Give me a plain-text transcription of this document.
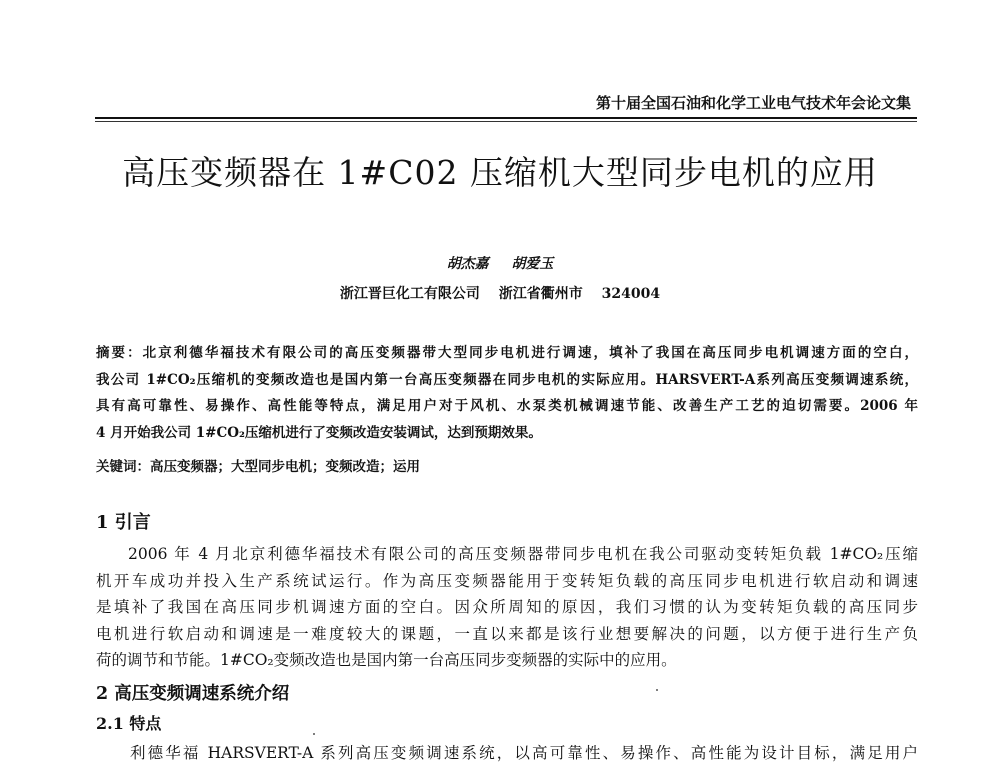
第十届全国石油和化学工业电气技术年会论文集
高压变频器在 1#C02 压缩机大型同步电机的应用
胡杰嘉 胡爱玉
浙江晋巨化工有限公司 浙江省衢州市 324004
摘要：北京利德华福技术有限公司的高压变频器带大型同步电机进行调速，填补了我国在高压同步电机调速方面的空白，
我公司 1#CO₂压缩机的变频改造也是国内第一台高压变频器在同步电机的实际应用。HARSVERT-A系列高压变频调速系统，
具有高可靠性、易操作、高性能等特点，满足用户对于风机、水泵类机械调速节能、改善生产工艺的迫切需要。2006 年
4 月开始我公司 1#CO₂压缩机进行了变频改造安装调试，达到预期效果。
关键词：高压变频器；大型同步电机；变频改造；运用
1 引言
2006 年 4 月北京利德华福技术有限公司的高压变频器带同步电机在我公司驱动变转矩负载 1#CO₂压缩
机开车成功并投入生产系统试运行。作为高压变频器能用于变转矩负载的高压同步电机进行软启动和调速
是填补了我国在高压同步机调速方面的空白。因众所周知的原因，我们习惯的认为变转矩负载的高压同步
电机进行软启动和调速是一难度较大的课题，一直以来都是该行业想要解决的问题，以方便于进行生产负
荷的调节和节能。1#CO₂变频改造也是国内第一台高压同步变频器的实际中的应用。
2 高压变频调速系统介绍
2.1 特点
利德华福 HARSVERT-A 系列高压变频调速系统，以高可靠性、易操作、高性能为设计目标，满足用户
